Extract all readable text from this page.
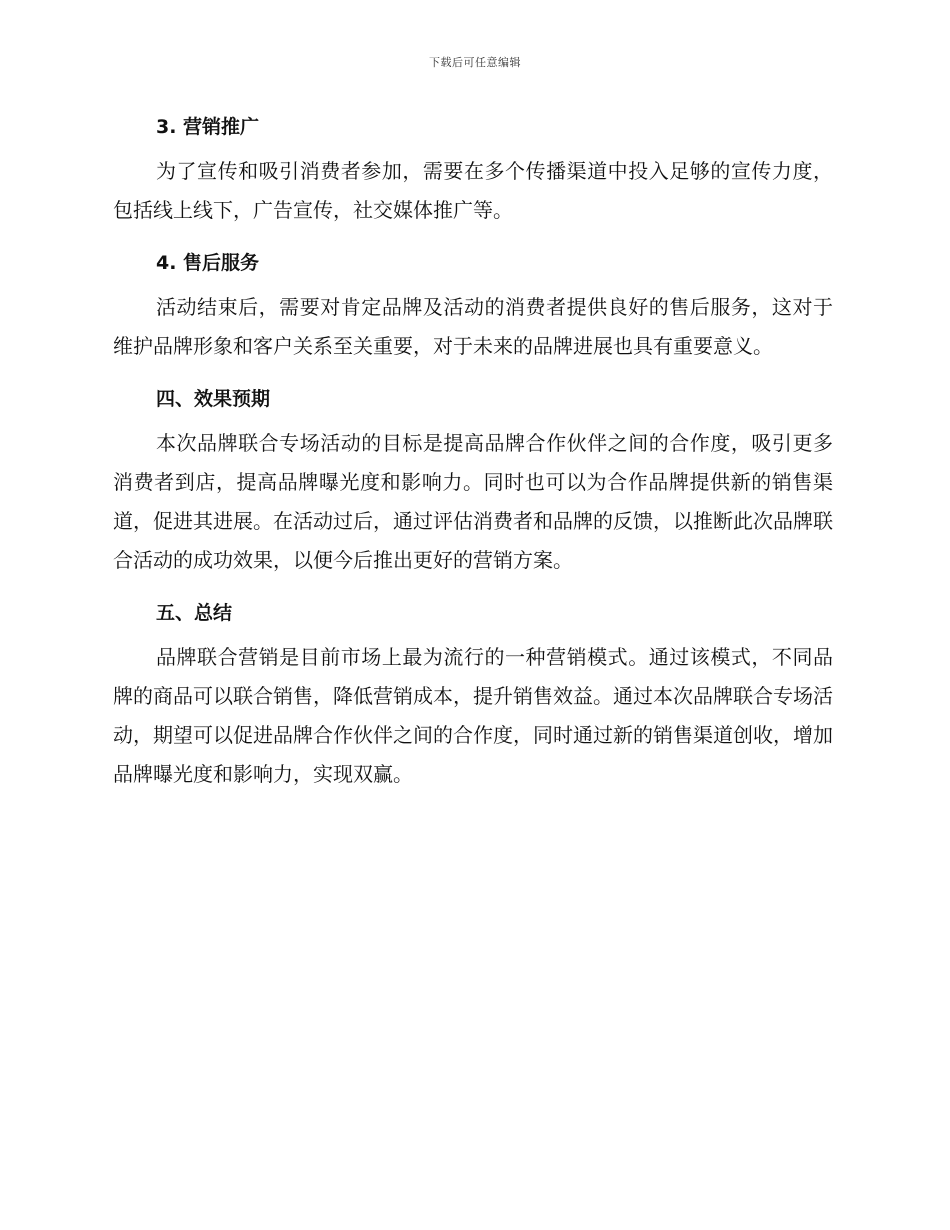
下载后可任意编辑
3. 营销推广

为了宣传和吸引消费者参加，需要在多个传播渠道中投入足够的宣传力度，包括线上线下，广告宣传，社交媒体推广等。

4. 售后服务

活动结束后，需要对肯定品牌及活动的消费者提供良好的售后服务，这对于维护品牌形象和客户关系至关重要，对于未来的品牌进展也具有重要意义。

四、效果预期

本次品牌联合专场活动的目标是提高品牌合作伙伴之间的合作度，吸引更多消费者到店，提高品牌曝光度和影响力。同时也可以为合作品牌提供新的销售渠道，促进其进展。在活动过后，通过评估消费者和品牌的反馈，以推断此次品牌联合活动的成功效果，以便今后推出更好的营销方案。

五、总结

品牌联合营销是目前市场上最为流行的一种营销模式。通过该模式，不同品牌的商品可以联合销售，降低营销成本，提升销售效益。通过本次品牌联合专场活动，期望可以促进品牌合作伙伴之间的合作度，同时通过新的销售渠道创收，增加品牌曝光度和影响力，实现双赢。
